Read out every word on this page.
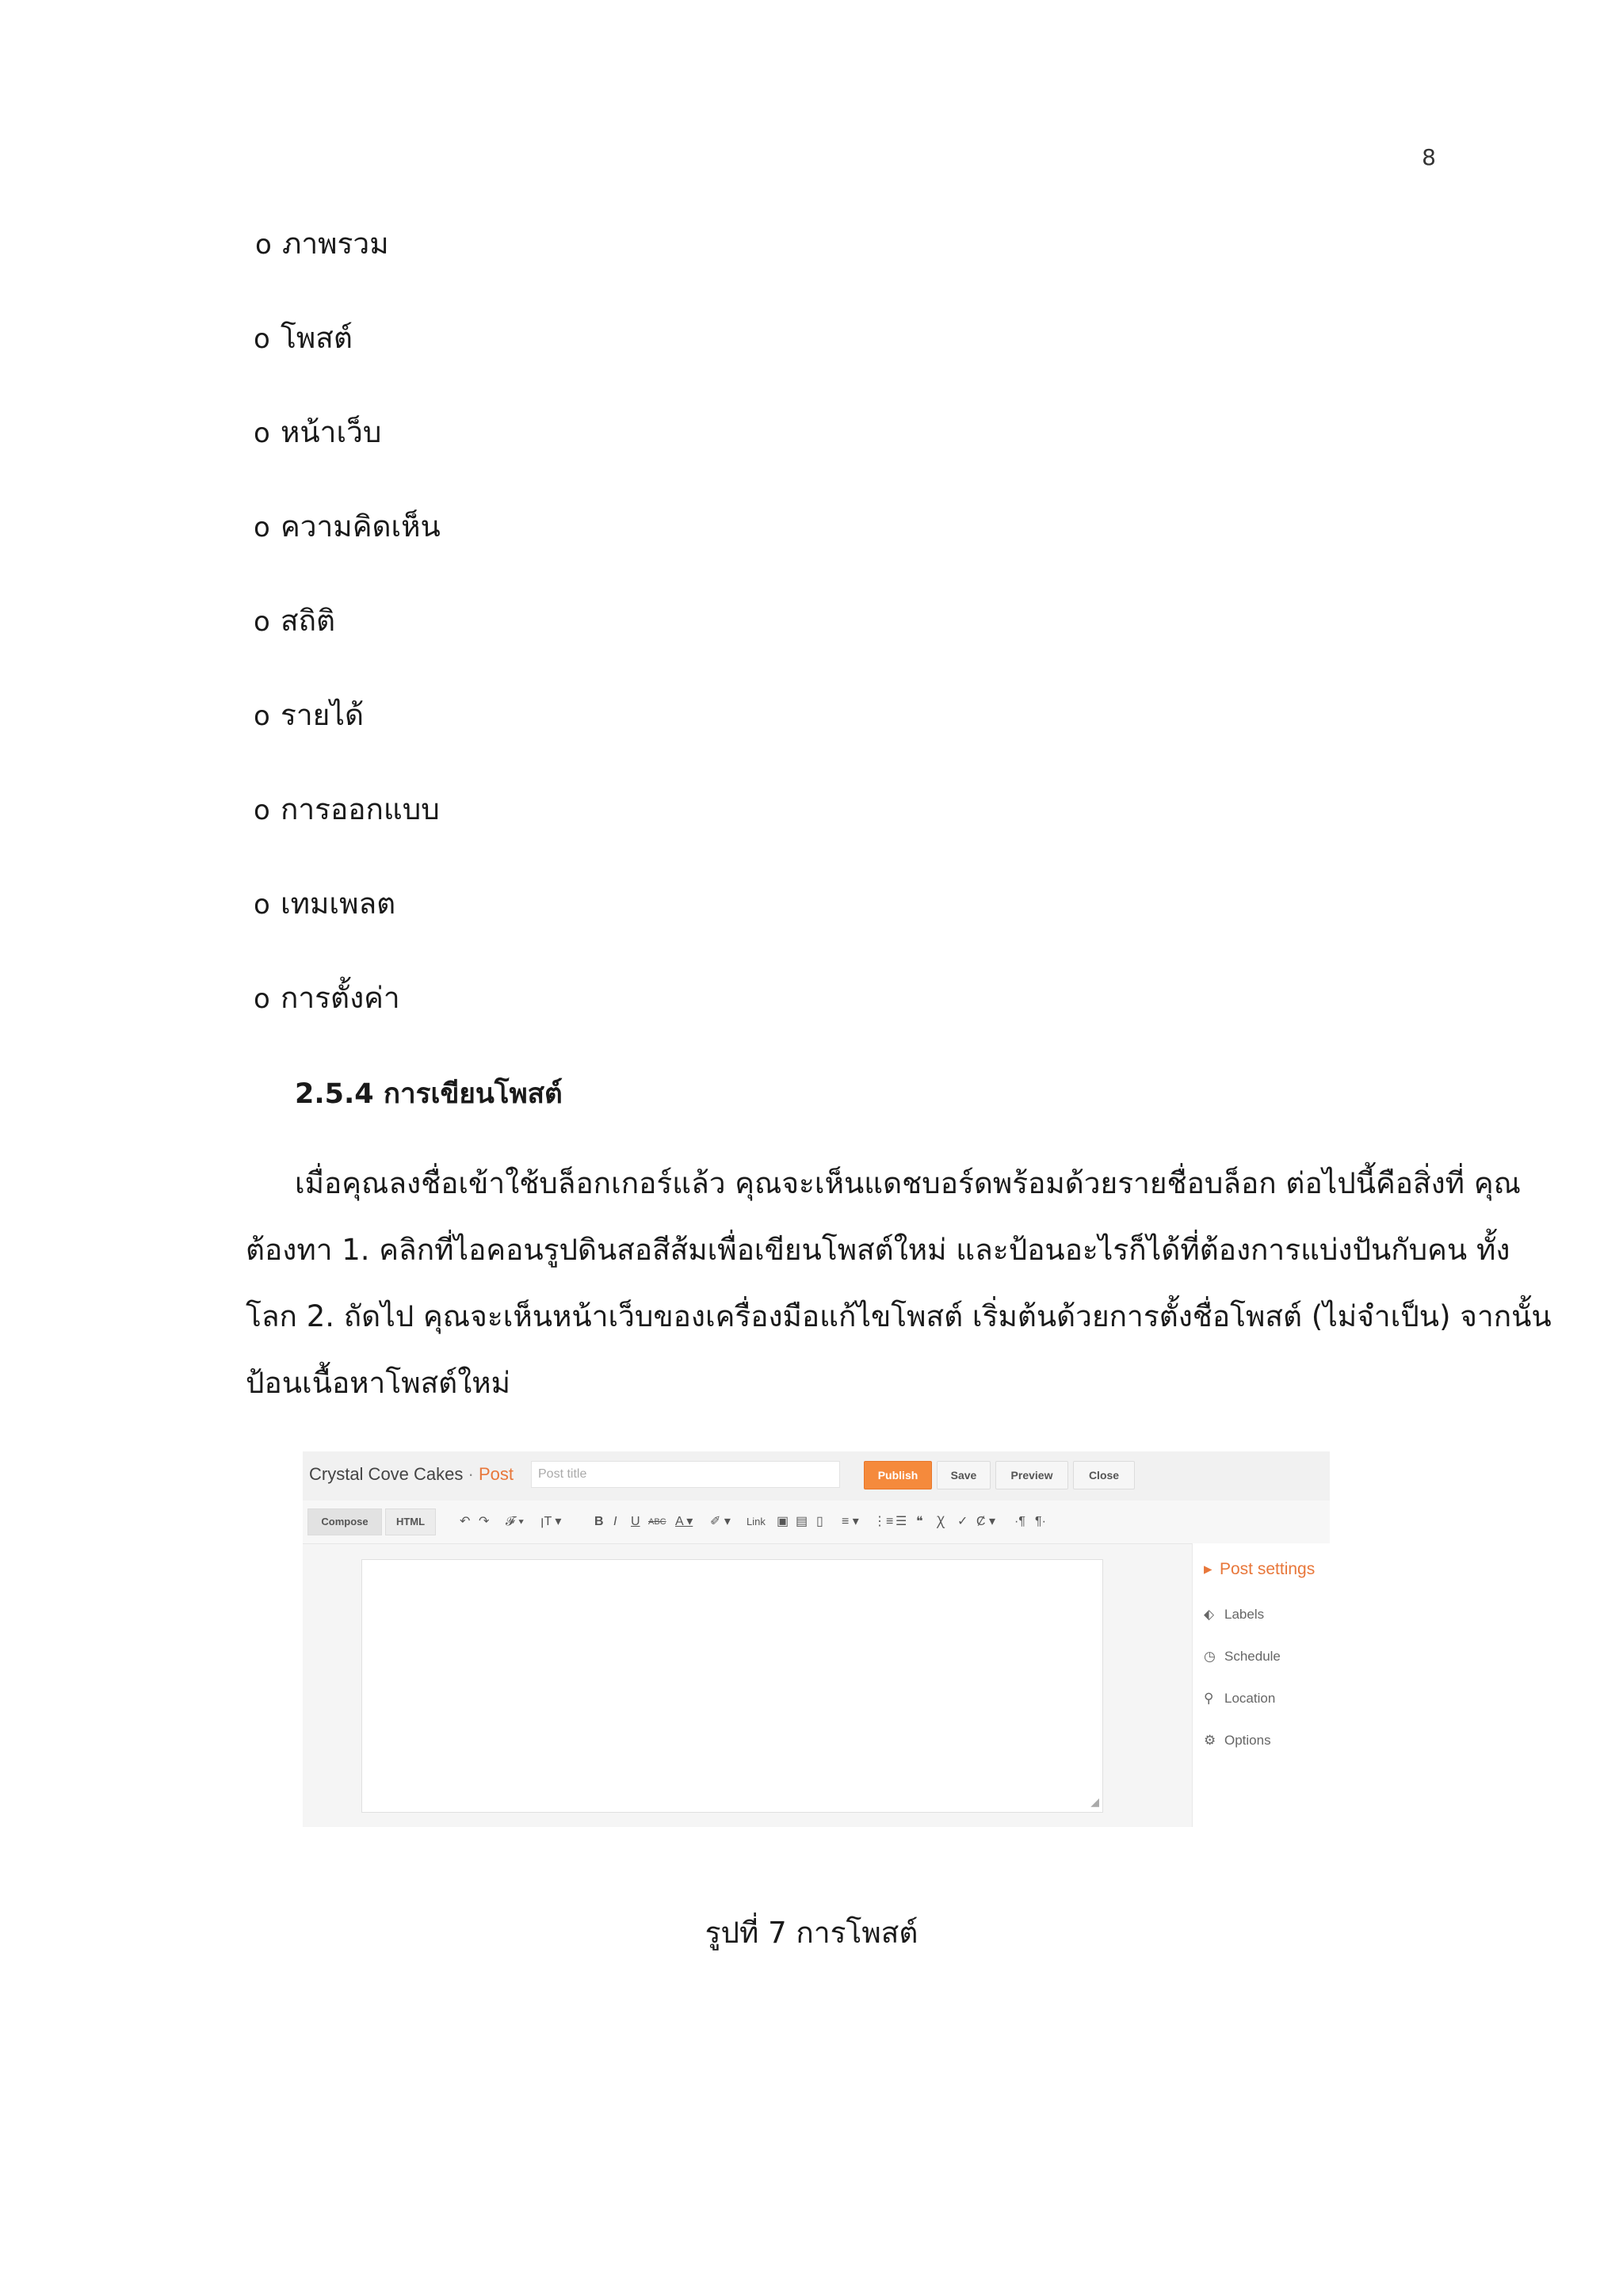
8
o ภาพรวม
o โพสต์
o หน้าเว็บ
o ความคิดเห็น
o สถิติ
o รายได้
o การออกแบบ
o เทมเพลต
o การตั้งค่า
2.5.4 การเขียนโพสต์
เมื่อคุณลงชื่อเข้าใช้บล็อกเกอร์แล้ว คุณจะเห็นแดชบอร์ดพร้อมด้วยรายชื่อบล็อก ต่อไปนี้คือสิ่งที่ คุณ
ต้องทา 1. คลิกที่ไอคอนรูปดินสอสีส้มเพื่อเขียนโพสต์ใหม่ และป้อนอะไรก็ได้ที่ต้องการแบ่งปันกับคน ทั้ง
โลก 2. ถัดไป คุณจะเห็นหน้าเว็บของเครื่องมือแก้ไขโพสต์ เริ่มต้นด้วยการตั้งชื่อโพสต์ (ไม่จำเป็น) จากนั้น
ป้อนเนื้อหาโพสต์ใหม่
Crystal Cove Cakes · Post	Post title	Publish	Save	Preview	Close
Compose	HTML	↶ ↷ 𝓕 ▾ ꞁT ▾	B I U ABC A ▾ ✐ ▾ Link ▣ ▤ ▯ ≡ ▾ ⋮≡ ☰ ❝ Ꭓ ✓ Ȼ ▾ ·¶ ¶·
◢
▸ Post settings
⬖ Labels
◷ Schedule
⚲ Location
⚙ Options
รูปที่ 7 การโพสต์
